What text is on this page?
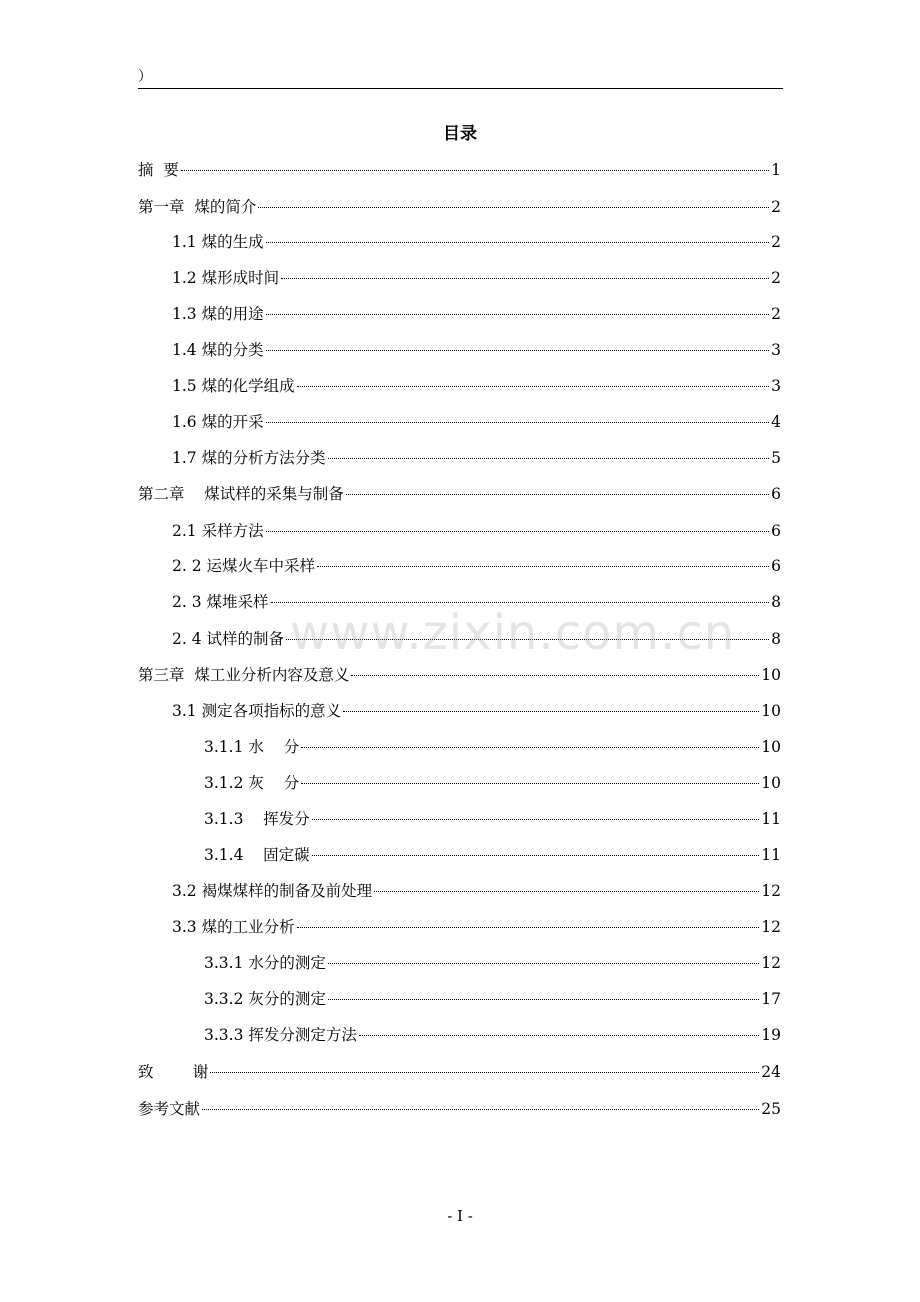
）
目录
摘  要	1
第一章  煤的简介	2
1.1 煤的生成	2
1.2 煤形成时间	2
1.3 煤的用途	2
1.4 煤的分类	3
1.5 煤的化学组成	3
1.6 煤的开采	4
1.7 煤的分析方法分类	5
第二章    煤试样的采集与制备	6
2.1 采样方法	6
2. 2 运煤火车中采样	6
2. 3 煤堆采样	8
2. 4 试样的制备	8
第三章  煤工业分析内容及意义	10
3.1 测定各项指标的意义	10
3.1.1 水    分	10
3.1.2 灰    分	10
3.1.3    挥发分	11
3.1.4    固定碳	11
3.2 褐煤煤样的制备及前处理	12
3.3 煤的工业分析	12
3.3.1 水分的测定	12
3.3.2 灰分的测定	17
3.3.3 挥发分测定方法	19
致        谢	24
参考文献	25
www.zixin.com.cn
- I -
